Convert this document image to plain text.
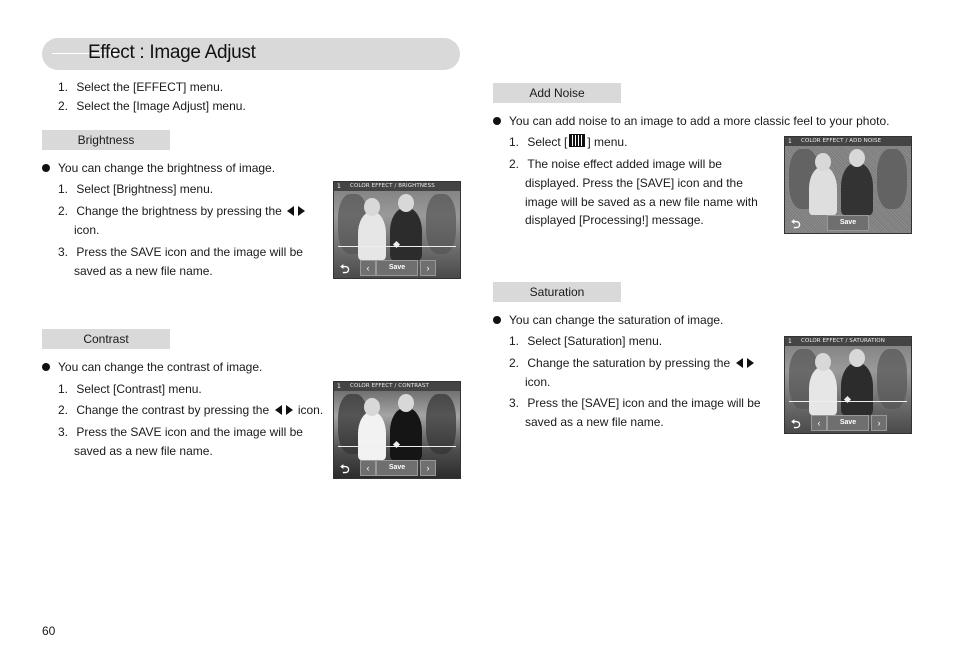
Effect : Image Adjust
1. Select the [EFFECT] menu.
2. Select the [Image Adjust] menu.
Brightness
You can change the brightness of image.
1. Select [Brightness] menu.
2. Change the brightness by pressing the
icon.
3. Press the SAVE icon and the image will be
saved as a new file name.
1 COLOR EFFECT / BRIGHTNESS
⮌	‹	Save	›
Contrast
You can change the contrast of image.
1. Select [Contrast] menu.
2. Change the contrast by pressing the icon.
3. Press the SAVE icon and the image will be
saved as a new file name.
1 COLOR EFFECT / CONTRAST
⮌	‹	Save	›
Add Noise
You can add noise to an image to add a more classic feel to your photo.
1. Select [ ] menu.
2. The noise effect added image will be
displayed. Press the [SAVE] icon and the
image will be saved as a new file name with
displayed [Processing!] message.
1 COLOR EFFECT / ADD NOISE
⮌	Save
Saturation
You can change the saturation of image.
1. Select [Saturation] menu.
2. Change the saturation by pressing the
icon.
3. Press the [SAVE] icon and the image will be
saved as a new file name.
1 COLOR EFFECT / SATURATION
⮌	‹	Save	›
60
